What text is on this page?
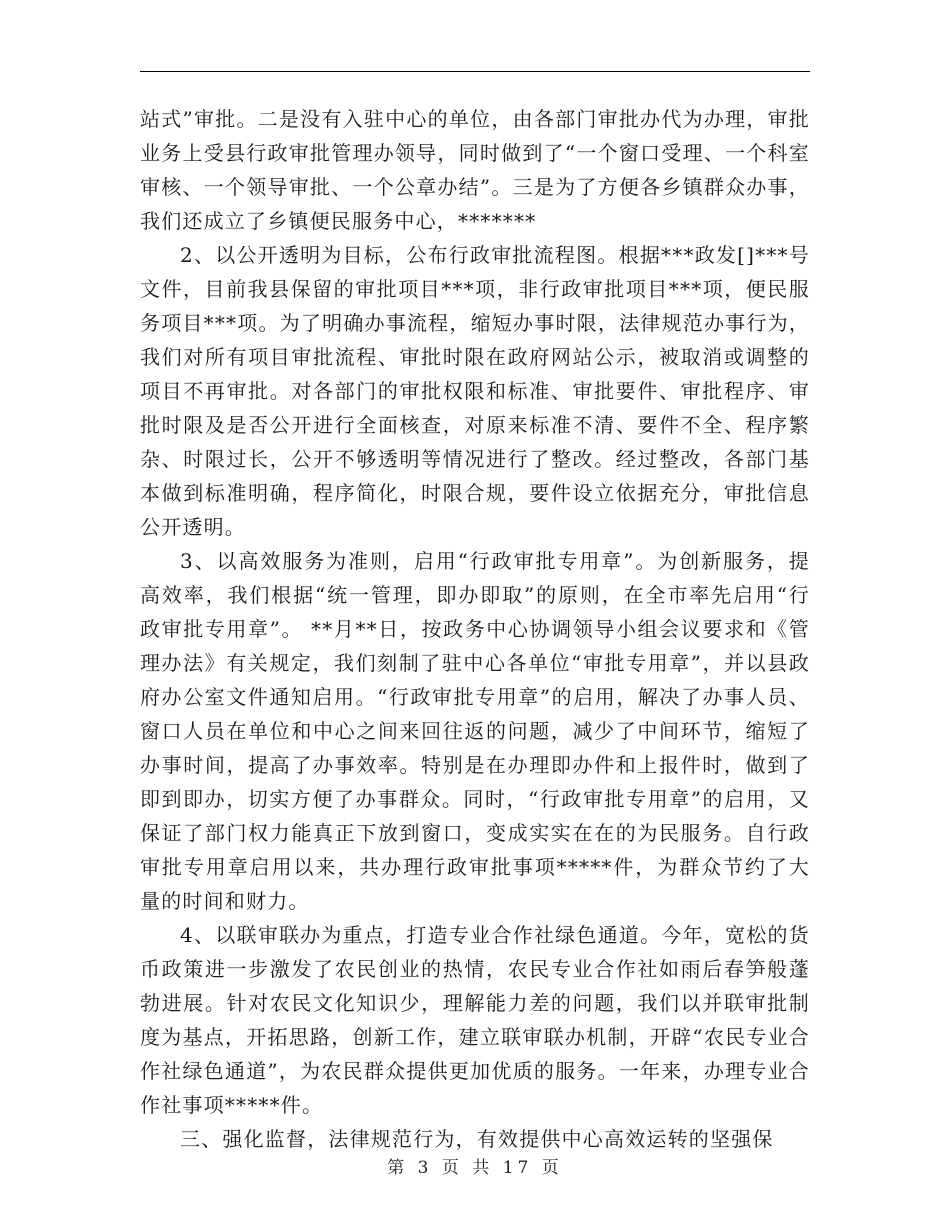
站式”审批。二是没有入驻中心的单位，由各部门审批办代为办理，审批业务上受县行政审批管理办领导，同时做到了“一个窗口受理、一个科室审核、一个领导审批、一个公章办结”。三是为了方便各乡镇群众办事，我们还成立了乡镇便民服务中心，*******

2、以公开透明为目标，公布行政审批流程图。根据***政发[]***号文件，目前我县保留的审批项目***项，非行政审批项目***项，便民服务项目***项。为了明确办事流程，缩短办事时限，法律规范办事行为，我们对所有项目审批流程、审批时限在政府网站公示，被取消或调整的项目不再审批。对各部门的审批权限和标准、审批要件、审批程序、审批时限及是否公开进行全面核查，对原来标准不清、要件不全、程序繁杂、时限过长，公开不够透明等情况进行了整改。经过整改，各部门基本做到标准明确，程序简化，时限合规，要件设立依据充分，审批信息公开透明。

3、以高效服务为准则，启用“行政审批专用章”。为创新服务，提高效率，我们根据“统一管理，即办即取”的原则，在全市率先启用“行政审批专用章”。 **月**日，按政务中心协调领导小组会议要求和《管理办法》有关规定，我们刻制了驻中心各单位“审批专用章”，并以县政府办公室文件通知启用。“行政审批专用章”的启用，解决了办事人员、窗口人员在单位和中心之间来回往返的问题，减少了中间环节，缩短了办事时间，提高了办事效率。特别是在办理即办件和上报件时，做到了即到即办，切实方便了办事群众。同时，“行政审批专用章”的启用，又保证了部门权力能真正下放到窗口，变成实实在在的为民服务。自行政审批专用章启用以来，共办理行政审批事项*****件，为群众节约了大量的时间和财力。

4、以联审联办为重点，打造专业合作社绿色通道。今年，宽松的货币政策进一步激发了农民创业的热情，农民专业合作社如雨后春笋般蓬勃进展。针对农民文化知识少，理解能力差的问题，我们以并联审批制度为基点，开拓思路，创新工作，建立联审联办机制，开辟“农民专业合作社绿色通道”，为农民群众提供更加优质的服务。一年来，办理专业合作社事项*****件。

三、强化监督，法律规范行为，有效提供中心高效运转的坚强保

第 3 页 共 17 页
